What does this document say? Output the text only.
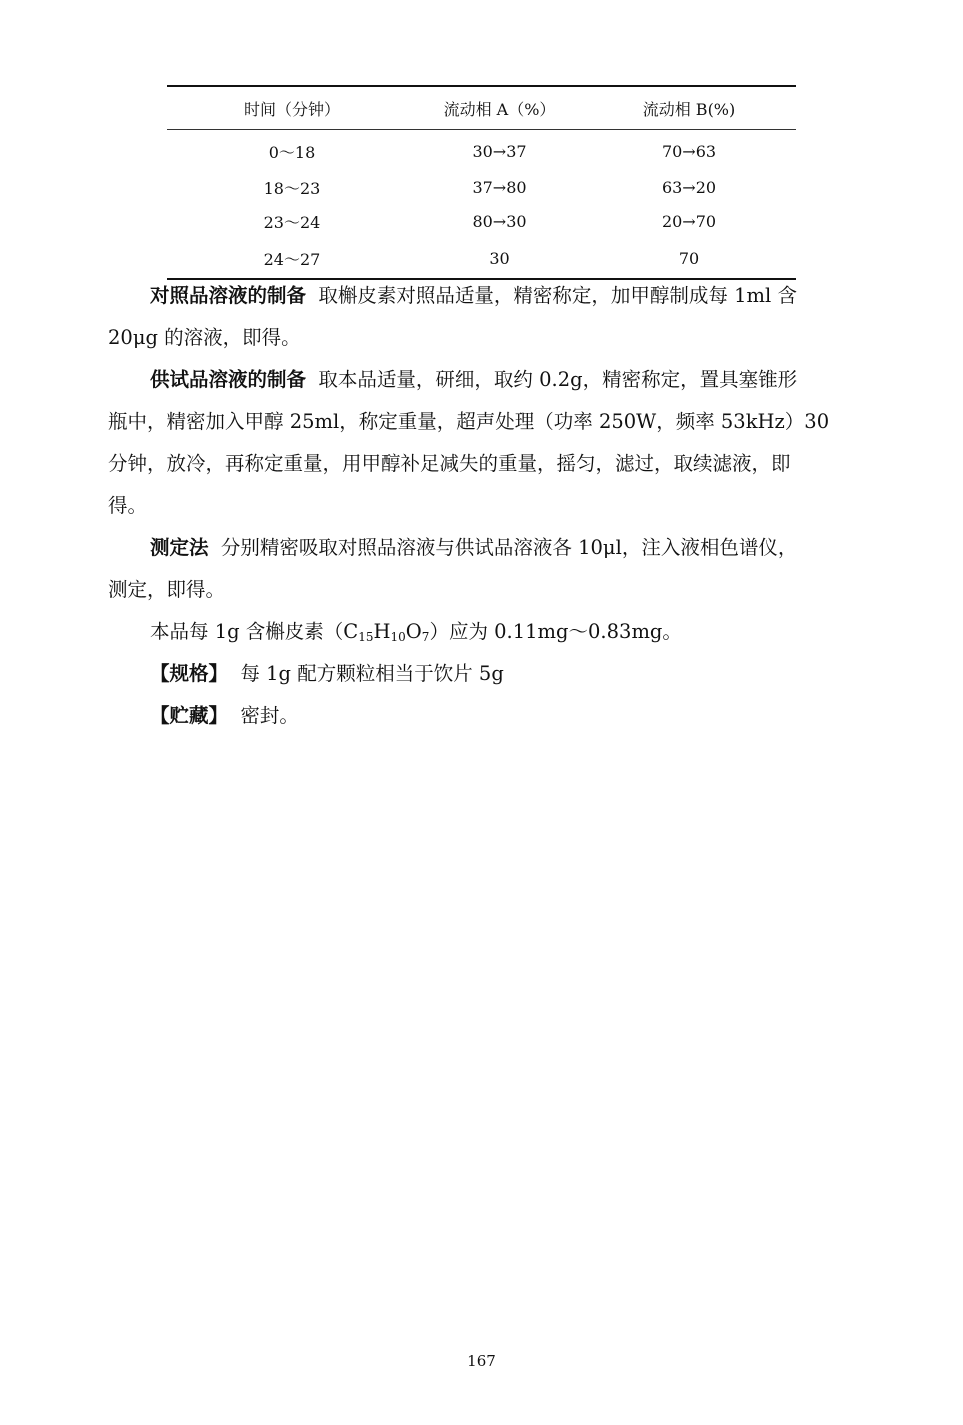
时间（分钟）	流动相 A（%）	流动相 B(%)
0～18	30→37	70→63
18～23	37→80	63→20
23～24	80→30	20→70
24～27	30	70
对照品溶液的制备 取槲皮素对照品适量，精密称定，加甲醇制成每 1ml 含
20μg 的溶液，即得。
供试品溶液的制备 取本品适量，研细，取约 0.2g，精密称定，置具塞锥形
瓶中，精密加入甲醇 25ml，称定重量，超声处理（功率 250W，频率 53kHz）30
分钟，放冷，再称定重量，用甲醇补足减失的重量，摇匀，滤过，取续滤液，即
得。
测定法 分别精密吸取对照品溶液与供试品溶液各 10μl，注入液相色谱仪，
测定，即得。
本品每 1g 含槲皮素$(C_{15}H_{10}O_7)$应为 0.11mg～0.83mg。
【规格】 每 1g 配方颗粒相当于饮片 5g
【贮藏】 密封。
167
